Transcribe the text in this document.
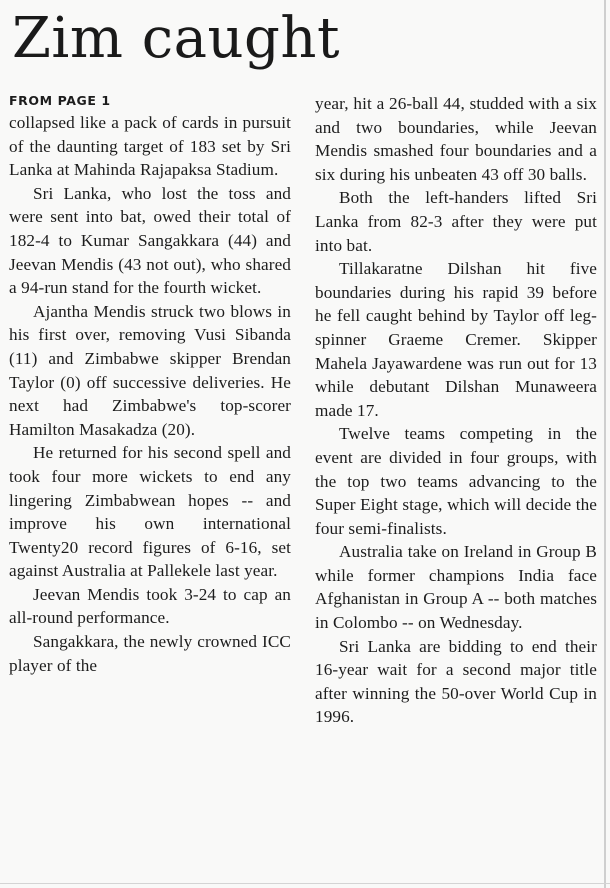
Zim caught
FROM PAGE 1

collapsed like a pack of cards in pursuit of the daunting target of 183 set by Sri Lanka at Mahinda Rajapaksa Stadium.

Sri Lanka, who lost the toss and were sent into bat, owed their total of 182-4 to Kumar Sangakkara (44) and Jeevan Mendis (43 not out), who shared a 94-run stand for the fourth wicket.

Ajantha Mendis struck two blows in his first over, removing Vusi Sibanda (11) and Zimbabwe skipper Brendan Taylor (0) off successive deliveries. He next had Zimbabwe's top-scorer Hamilton Masakadza (20).

He returned for his second spell and took four more wickets to end any lingering Zimbabwean hopes -- and improve his own international Twenty20 record figures of 6-16, set against Australia at Pallekele last year.

Jeevan Mendis took 3-24 to cap an all-round performance.

Sangakkara, the newly crowned ICC player of the

year, hit a 26-ball 44, studded with a six and two boundaries, while Jeevan Mendis smashed four boundaries and a six during his unbeaten 43 off 30 balls.

Both the left-handers lifted Sri Lanka from 82-3 after they were put into bat.

Tillakaratne Dilshan hit five boundaries during his rapid 39 before he fell caught behind by Taylor off leg-spinner Graeme Cremer. Skipper Mahela Jayawardene was run out for 13 while debutant Dilshan Munaweera made 17.

Twelve teams competing in the event are divided in four groups, with the top two teams advancing to the Super Eight stage, which will decide the four semi-finalists.

Australia take on Ireland in Group B while former champions India face Afghanistan in Group A -- both matches in Colombo -- on Wednesday.

Sri Lanka are bidding to end their 16-year wait for a second major title after winning the 50-over World Cup in 1996.
